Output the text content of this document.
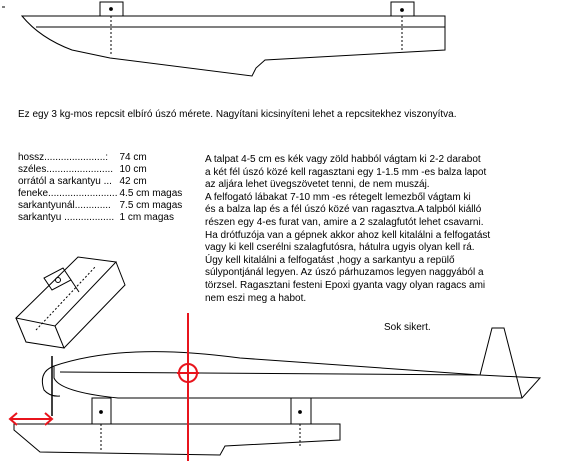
Ez egy 3 kg-mos repcsit elbíró úszó mérete. Nagyítani kicsinyíteni lehet a repcsitekhez viszonyítva.

hossz......................:	74 cm
széles........................	10 cm
orrától a sarkantyu ...	42 cm
feneke.........................	4.5 cm magas
sarkantyunál.............	7.5 cm magas
sarkantyu ..................	1 cm magas

A talpat 4-5 cm es kék vagy zöld habból vágtam ki 2-2 darabot

a két fél úszó közé kell ragasztani egy 1-1.5 mm -es balza lapot

az aljára lehet üvegszövetet tenni, de nem muszáj.

A felfogató lábakat 7-10 mm -es rétegelt lemezből vágtam ki

és a balza lap és a fél úszó közé van ragasztva.A talpból kiálló

részen egy 4-es furat van, amire a 2 szalagfutót lehet csavarni.

Ha drótfuzója van a gépnek akkor ahoz kell kitalálni a felfogatást

vagy ki kell cserélni szalagfutósra, hátulra ugyis olyan kell rá.

Úgy kell kitalálni a felfogatást ,hogy a sarkantyu a repülő

súlypontjánál legyen. Az úszó párhuzamos legyen naggyából a

törzsel. Ragasztani festeni Epoxi gyanta vagy olyan ragacs ami

nem eszi meg a habot.

Sok sikert.
